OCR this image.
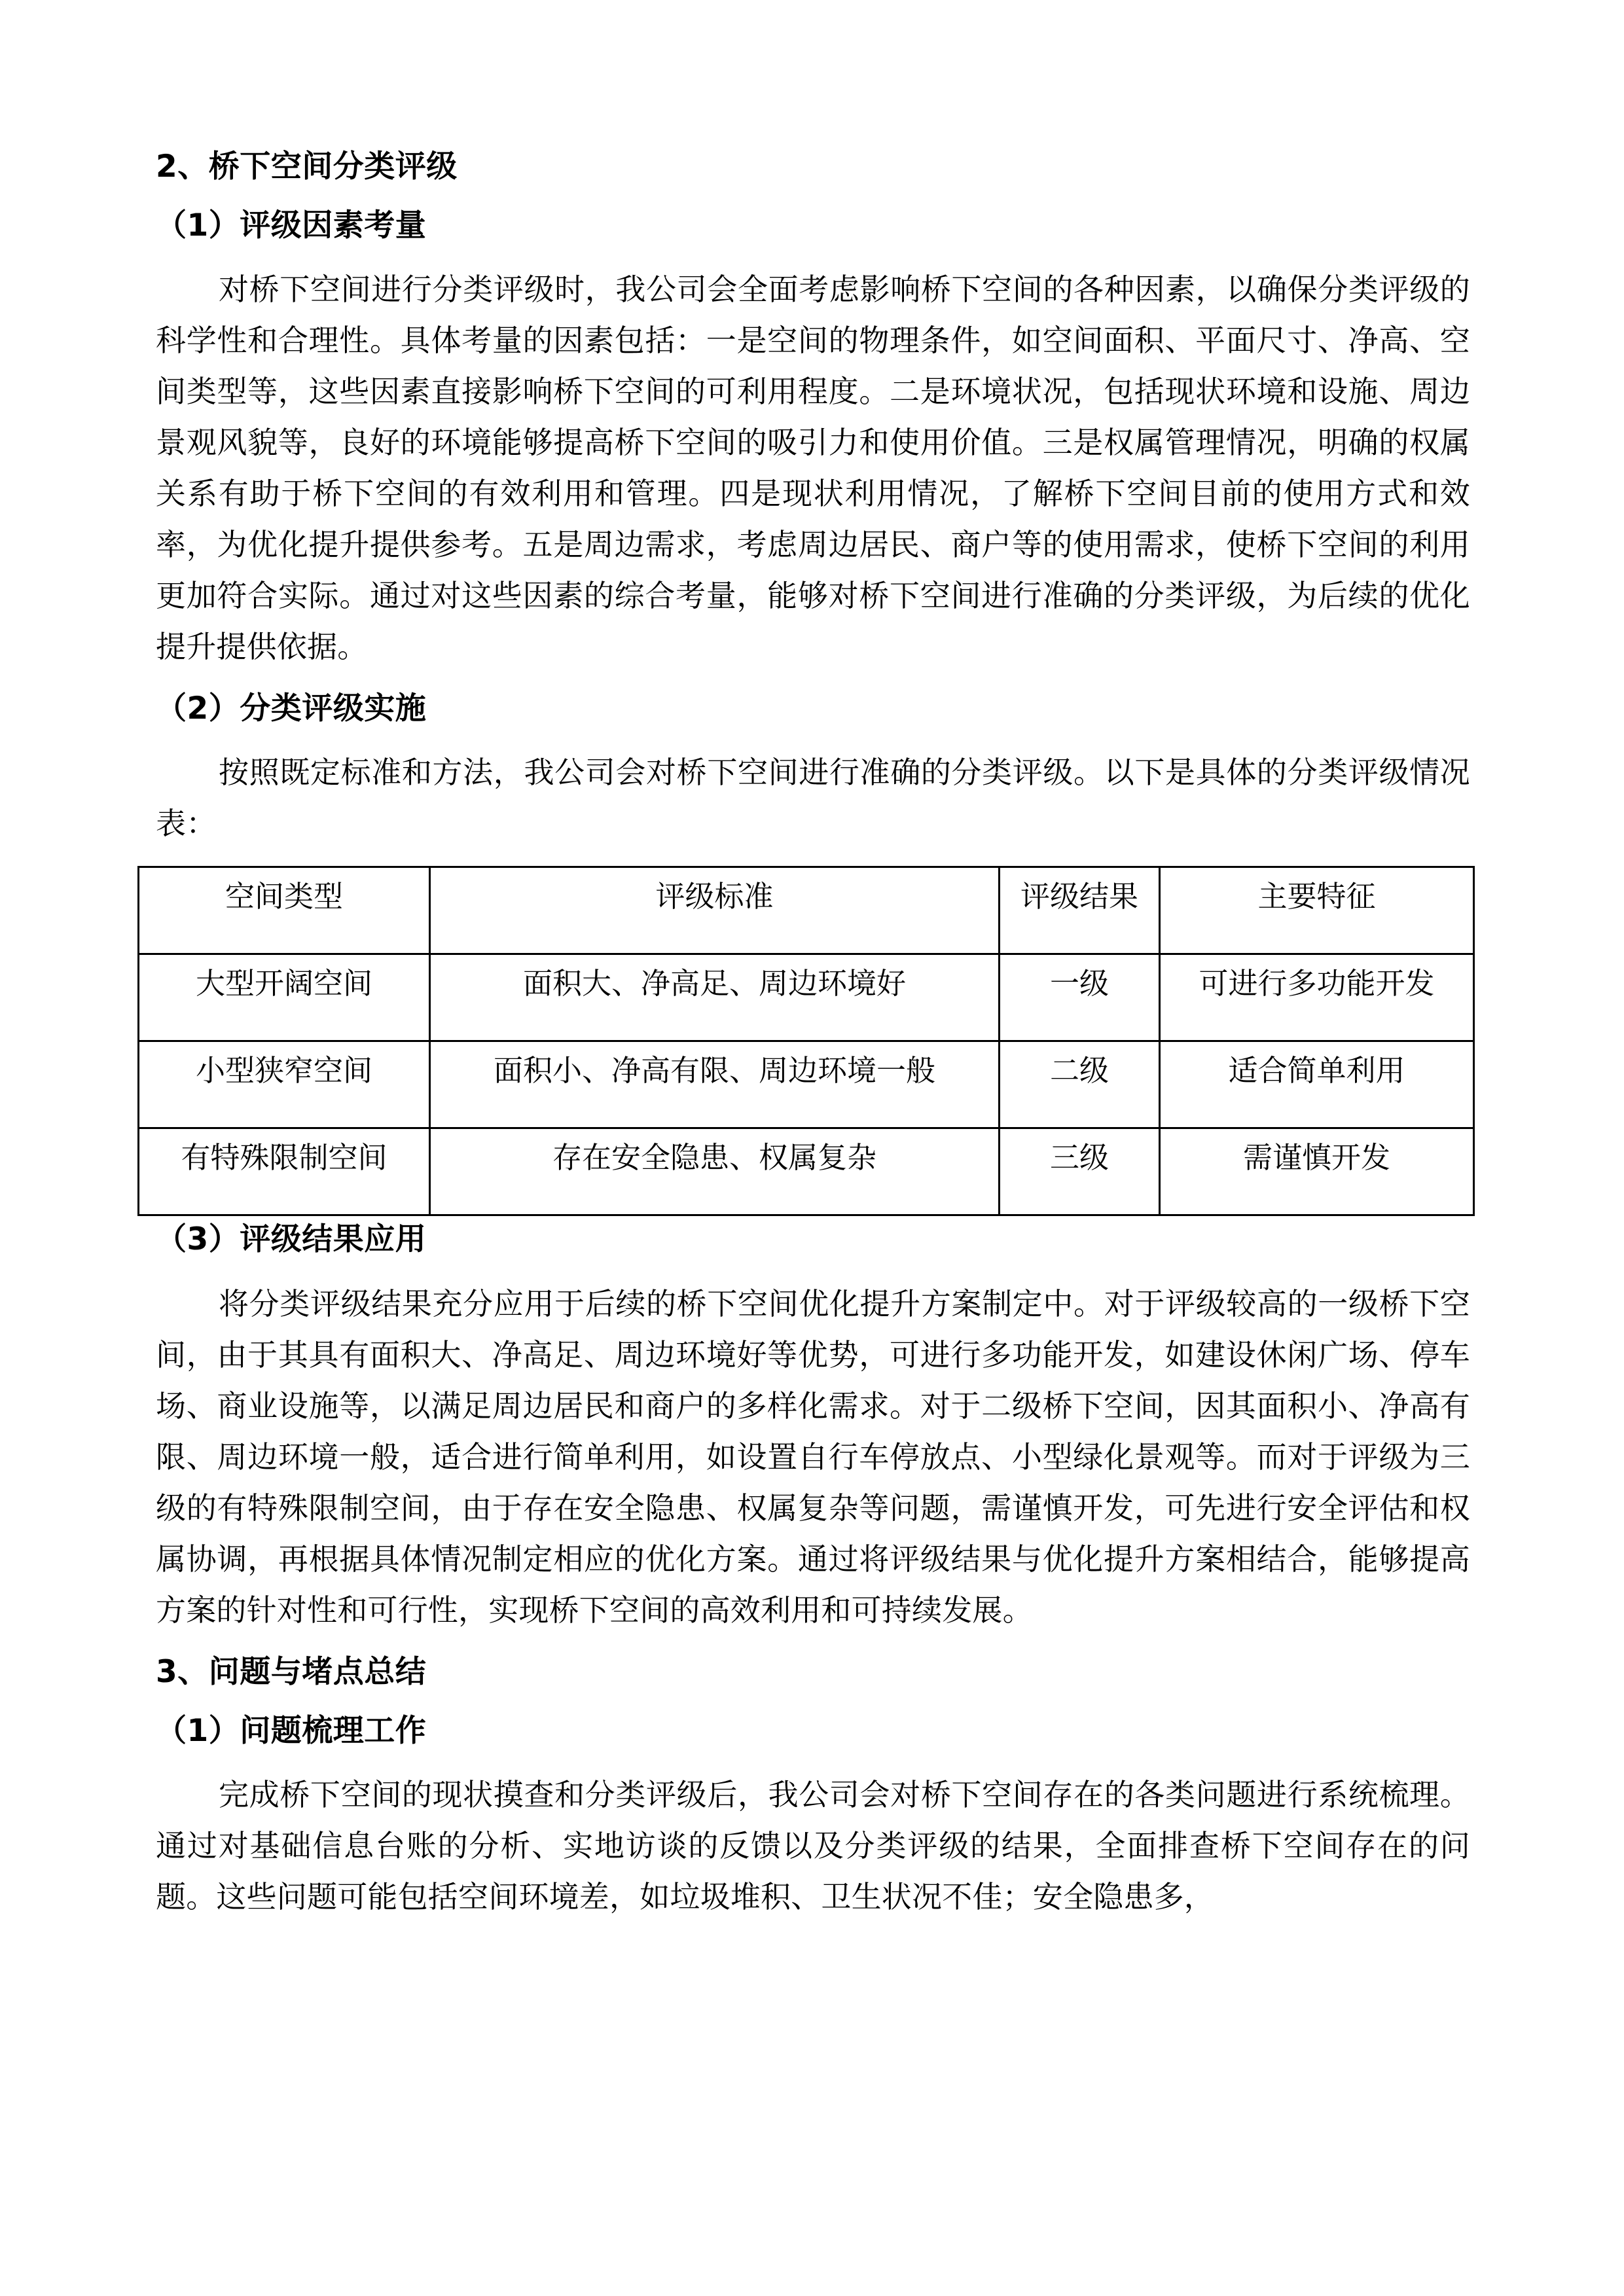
2、桥下空间分类评级
（1）评级因素考量

对桥下空间进行分类评级时，我公司会全面考虑影响桥下空间的各种因素，以确保分类评级的科学性和合理性。具体考量的因素包括：一是空间的物理条件，如空间面积、平面尺寸、净高、空间类型等，这些因素直接影响桥下空间的可利用程度。二是环境状况，包括现状环境和设施、周边景观风貌等，良好的环境能够提高桥下空间的吸引力和使用价值。三是权属管理情况，明确的权属关系有助于桥下空间的有效利用和管理。四是现状利用情况，了解桥下空间目前的使用方式和效率，为优化提升提供参考。五是周边需求，考虑周边居民、商户等的使用需求，使桥下空间的利用更加符合实际。通过对这些因素的综合考量，能够对桥下空间进行准确的分类评级，为后续的优化提升提供依据。

（2）分类评级实施

按照既定标准和方法，我公司会对桥下空间进行准确的分类评级。以下是具体的分类评级情况表：

空间类型	评级标准	评级结果	主要特征
大型开阔空间	面积大、净高足、周边环境好	一级	可进行多功能开发
小型狭窄空间	面积小、净高有限、周边环境一般	二级	适合简单利用
有特殊限制空间	存在安全隐患、权属复杂	三级	需谨慎开发
（3）评级结果应用

将分类评级结果充分应用于后续的桥下空间优化提升方案制定中。对于评级较高的一级桥下空间，由于其具有面积大、净高足、周边环境好等优势，可进行多功能开发，如建设休闲广场、停车场、商业设施等，以满足周边居民和商户的多样化需求。对于二级桥下空间，因其面积小、净高有限、周边环境一般，适合进行简单利用，如设置自行车停放点、小型绿化景观等。而对于评级为三级的有特殊限制空间，由于存在安全隐患、权属复杂等问题，需谨慎开发，可先进行安全评估和权属协调，再根据具体情况制定相应的优化方案。通过将评级结果与优化提升方案相结合，能够提高方案的针对性和可行性，实现桥下空间的高效利用和可持续发展。

3、问题与堵点总结
（1）问题梳理工作

完成桥下空间的现状摸查和分类评级后，我公司会对桥下空间存在的各类问题进行系统梳理。通过对基础信息台账的分析、实地访谈的反馈以及分类评级的结果，全面排查桥下空间存在的问题。这些问题可能包括空间环境差，如垃圾堆积、卫生状况不佳；安全隐患多，
